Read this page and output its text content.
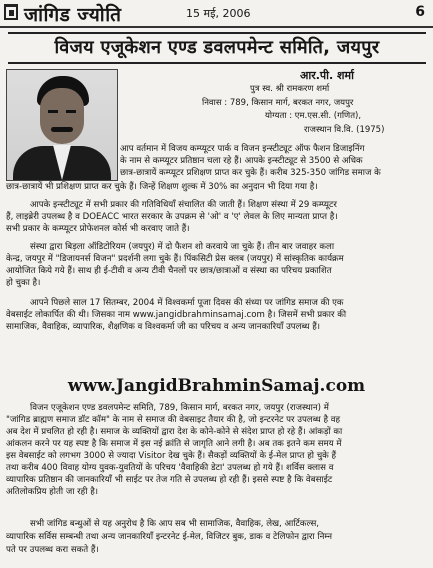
जांगिड ज्योति	15 मई, 2006	6
विजय एजूकेशन एण्ड डवलपमेन्ट समिति, जयपुर
आर.पी. शर्मा
पुत्र स्व. श्री रामकरण शर्मा
निवास : 789, किसान मार्ग, बरकत नगर, जयपुर
योग्यता : एम.एस.सी. (गणित),
राजस्थान वि.वि. (1975)
आप वर्तमान में विजय कम्प्यूटर पार्क व विजन इन्स्टीट्यूट ऑफ फैशन डिजाइनिंग
के नाम से कम्प्यूटर प्रतिष्ठान चला रहे हैं। आपके इन्स्टीट्यूट से 3500 से अधिक
छात्र-छात्रायें कम्प्यूटर प्रशिक्षण प्राप्त कर चुके हैं। करीब 325-350 जांगिड समाज के
छात्र-छात्रायें भी प्रशिक्षण प्राप्त कर चुके हैं। जिन्हें शिक्षण शुल्क में 30% का अनुदान भी दिया गया है।
आपके इन्स्टीट्यूट में सभी प्रकार की गतिविधियाँ संचालित की जाती हैं। शिक्षण संस्था में 29 कम्प्यूटर
हैं, लाइब्रेरी उपलब्ध है व DOEACC भारत सरकार के उपक्रम से 'ओ' व 'ए' लेवल के लिए मान्यता प्राप्त है।
सभी प्रकार के कम्प्यूटर प्रोफेशनल कोर्स भी करवाए जाते हैं।
संस्था द्वारा बिड़ला ऑडिटोरियम (जयपुर) में दो फैशन शो करवाये जा चुके हैं। तीन बार जवाहर कला
केन्द्र, जयपुर में "डिजायनर्स विजन" प्रदर्शनी लगा चुके हैं। पिंकसिटी प्रेस क्लब (जयपुर) में सांस्कृतिक कार्यक्रम
आयोजित किये गये हैं। साथ ही ई-टीवी व अन्य टीवी चैनलों पर छात्र/छात्राओं व संस्था का परिचय प्रकाशित
हो चुका है।
आपने पिछले साल 17 सितम्बर, 2004 में विश्वकर्मा पूजा दिवस की संध्या पर जांगिड समाज की एक
वेबसाईट लोकार्पित की थी। जिसका नाम www.jangidbrahminsamaj.com है। जिसमें सभी प्रकार की
सामाजिक, वैवाहिक, व्यापारिक, शैक्षणिक व विश्वकर्मा जी का परिचय व अन्य जानकारियाँ उपलब्ध हैं।
www.JangidBrahminSamaj.com
विजन एजूकेशन एण्ड डवलपमेन्ट समिति, 789, किसान मार्ग, बरकत नगर, जयपुर (राजस्थान) में
"जांगिड ब्राह्मण समाज डॉट कॉम" के नाम से समाज की वेबसाइट तैयार की है, जो इन्टरनेट पर उपलब्ध है वह
अब देश में प्रचलित हो रही है। समाज के व्यक्तियों द्वारा देश के कोने-कोने से संदेश प्राप्त हो रहे हैं। आंकड़ों का
आंकलन करने पर यह स्पष्ट है कि समाज में इस नई क्रांति से जागृति आने लगी है। अब तक इतने कम समय में
इस वेबसाईट को लगभग 3000 से ज्यादा Visitor देख चुके हैं। सैकड़ों व्यक्तियों के ई-मेल प्राप्त हो चुके हैं
तथा करीब 400 विवाह योग्य युवक-युवतियों के परिचय 'वैवाहिकी डेटा' उपलब्ध हो गये हैं। शर्विस क्लास व
व्यापारिक प्रतिष्ठान की जानकारियाँ भी साईट पर तेज गति से उपलब्ध हो रही हैं। इससे स्पष्ट है कि वेबसाईट
अतिलोकप्रिय होती जा रही है।
सभी जांगिड बन्धुओं से यह अनुरोध है कि आप सब भी सामाजिक, वैवाहिक, लेख, आर्टिकल्स,
व्यापारिक सर्विस सम्बन्धी तथा अन्य जानकारियाँ इन्टरनेट ई-मेल, विजिटर बुक, डाक व टेलिफोन द्वारा निम्न
पते पर उपलब्ध करा सकते हैं।
